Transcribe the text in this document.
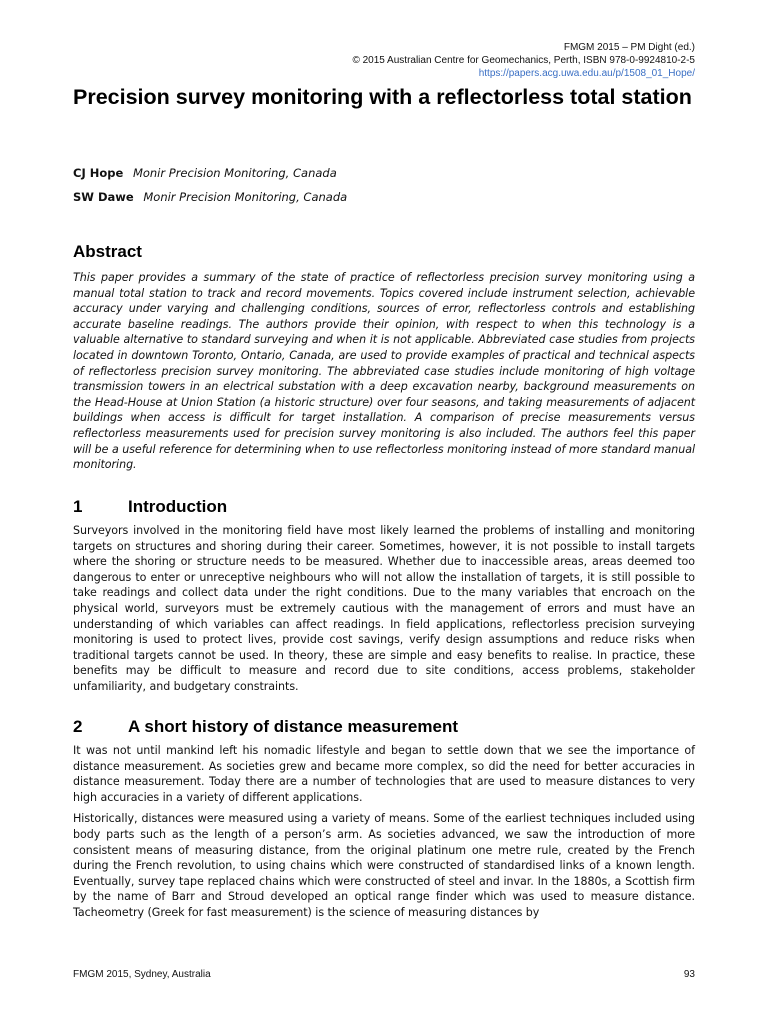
FMGM 2015 – PM Dight (ed.)
© 2015 Australian Centre for Geomechanics, Perth, ISBN 978-0-9924810-2-5
https://papers.acg.uwa.edu.au/p/1508_01_Hope/
Precision survey monitoring with a reflectorless total station
CJ Hope Monir Precision Monitoring, Canada
SW Dawe Monir Precision Monitoring, Canada
Abstract

This paper provides a summary of the state of practice of reflectorless precision survey monitoring using a manual total station to track and record movements. Topics covered include instrument selection, achievable accuracy under varying and challenging conditions, sources of error, reflectorless controls and establishing accurate baseline readings. The authors provide their opinion, with respect to when this technology is a valuable alternative to standard surveying and when it is not applicable. Abbreviated case studies from projects located in downtown Toronto, Ontario, Canada, are used to provide examples of practical and technical aspects of reflectorless precision survey monitoring. The abbreviated case studies include monitoring of high voltage transmission towers in an electrical substation with a deep excavation nearby, background measurements on the Head-House at Union Station (a historic structure) over four seasons, and taking measurements of adjacent buildings when access is difficult for target installation. A comparison of precise measurements versus reflectorless measurements used for precision survey monitoring is also included. The authors feel this paper will be a useful reference for determining when to use reflectorless monitoring instead of more standard manual monitoring.

1	Introduction

Surveyors involved in the monitoring field have most likely learned the problems of installing and monitoring targets on structures and shoring during their career. Sometimes, however, it is not possible to install targets where the shoring or structure needs to be measured. Whether due to inaccessible areas, areas deemed too dangerous to enter or unreceptive neighbours who will not allow the installation of targets, it is still possible to take readings and collect data under the right conditions. Due to the many variables that encroach on the physical world, surveyors must be extremely cautious with the management of errors and must have an understanding of which variables can affect readings. In field applications, reflectorless precision surveying monitoring is used to protect lives, provide cost savings, verify design assumptions and reduce risks when traditional targets cannot be used. In theory, these are simple and easy benefits to realise. In practice, these benefits may be difficult to measure and record due to site conditions, access problems, stakeholder unfamiliarity, and budgetary constraints.

2	A short history of distance measurement

It was not until mankind left his nomadic lifestyle and began to settle down that we see the importance of distance measurement. As societies grew and became more complex, so did the need for better accuracies in distance measurement. Today there are a number of technologies that are used to measure distances to very high accuracies in a variety of different applications.

Historically, distances were measured using a variety of means. Some of the earliest techniques included using body parts such as the length of a person’s arm. As societies advanced, we saw the introduction of more consistent means of measuring distance, from the original platinum one metre rule, created by the French during the French revolution, to using chains which were constructed of standardised links of a known length. Eventually, survey tape replaced chains which were constructed of steel and invar. In the 1880s, a Scottish firm by the name of Barr and Stroud developed an optical range finder which was used to measure distance. Tacheometry (Greek for fast measurement) is the science of measuring distances by

FMGM 2015, Sydney, Australia	93
